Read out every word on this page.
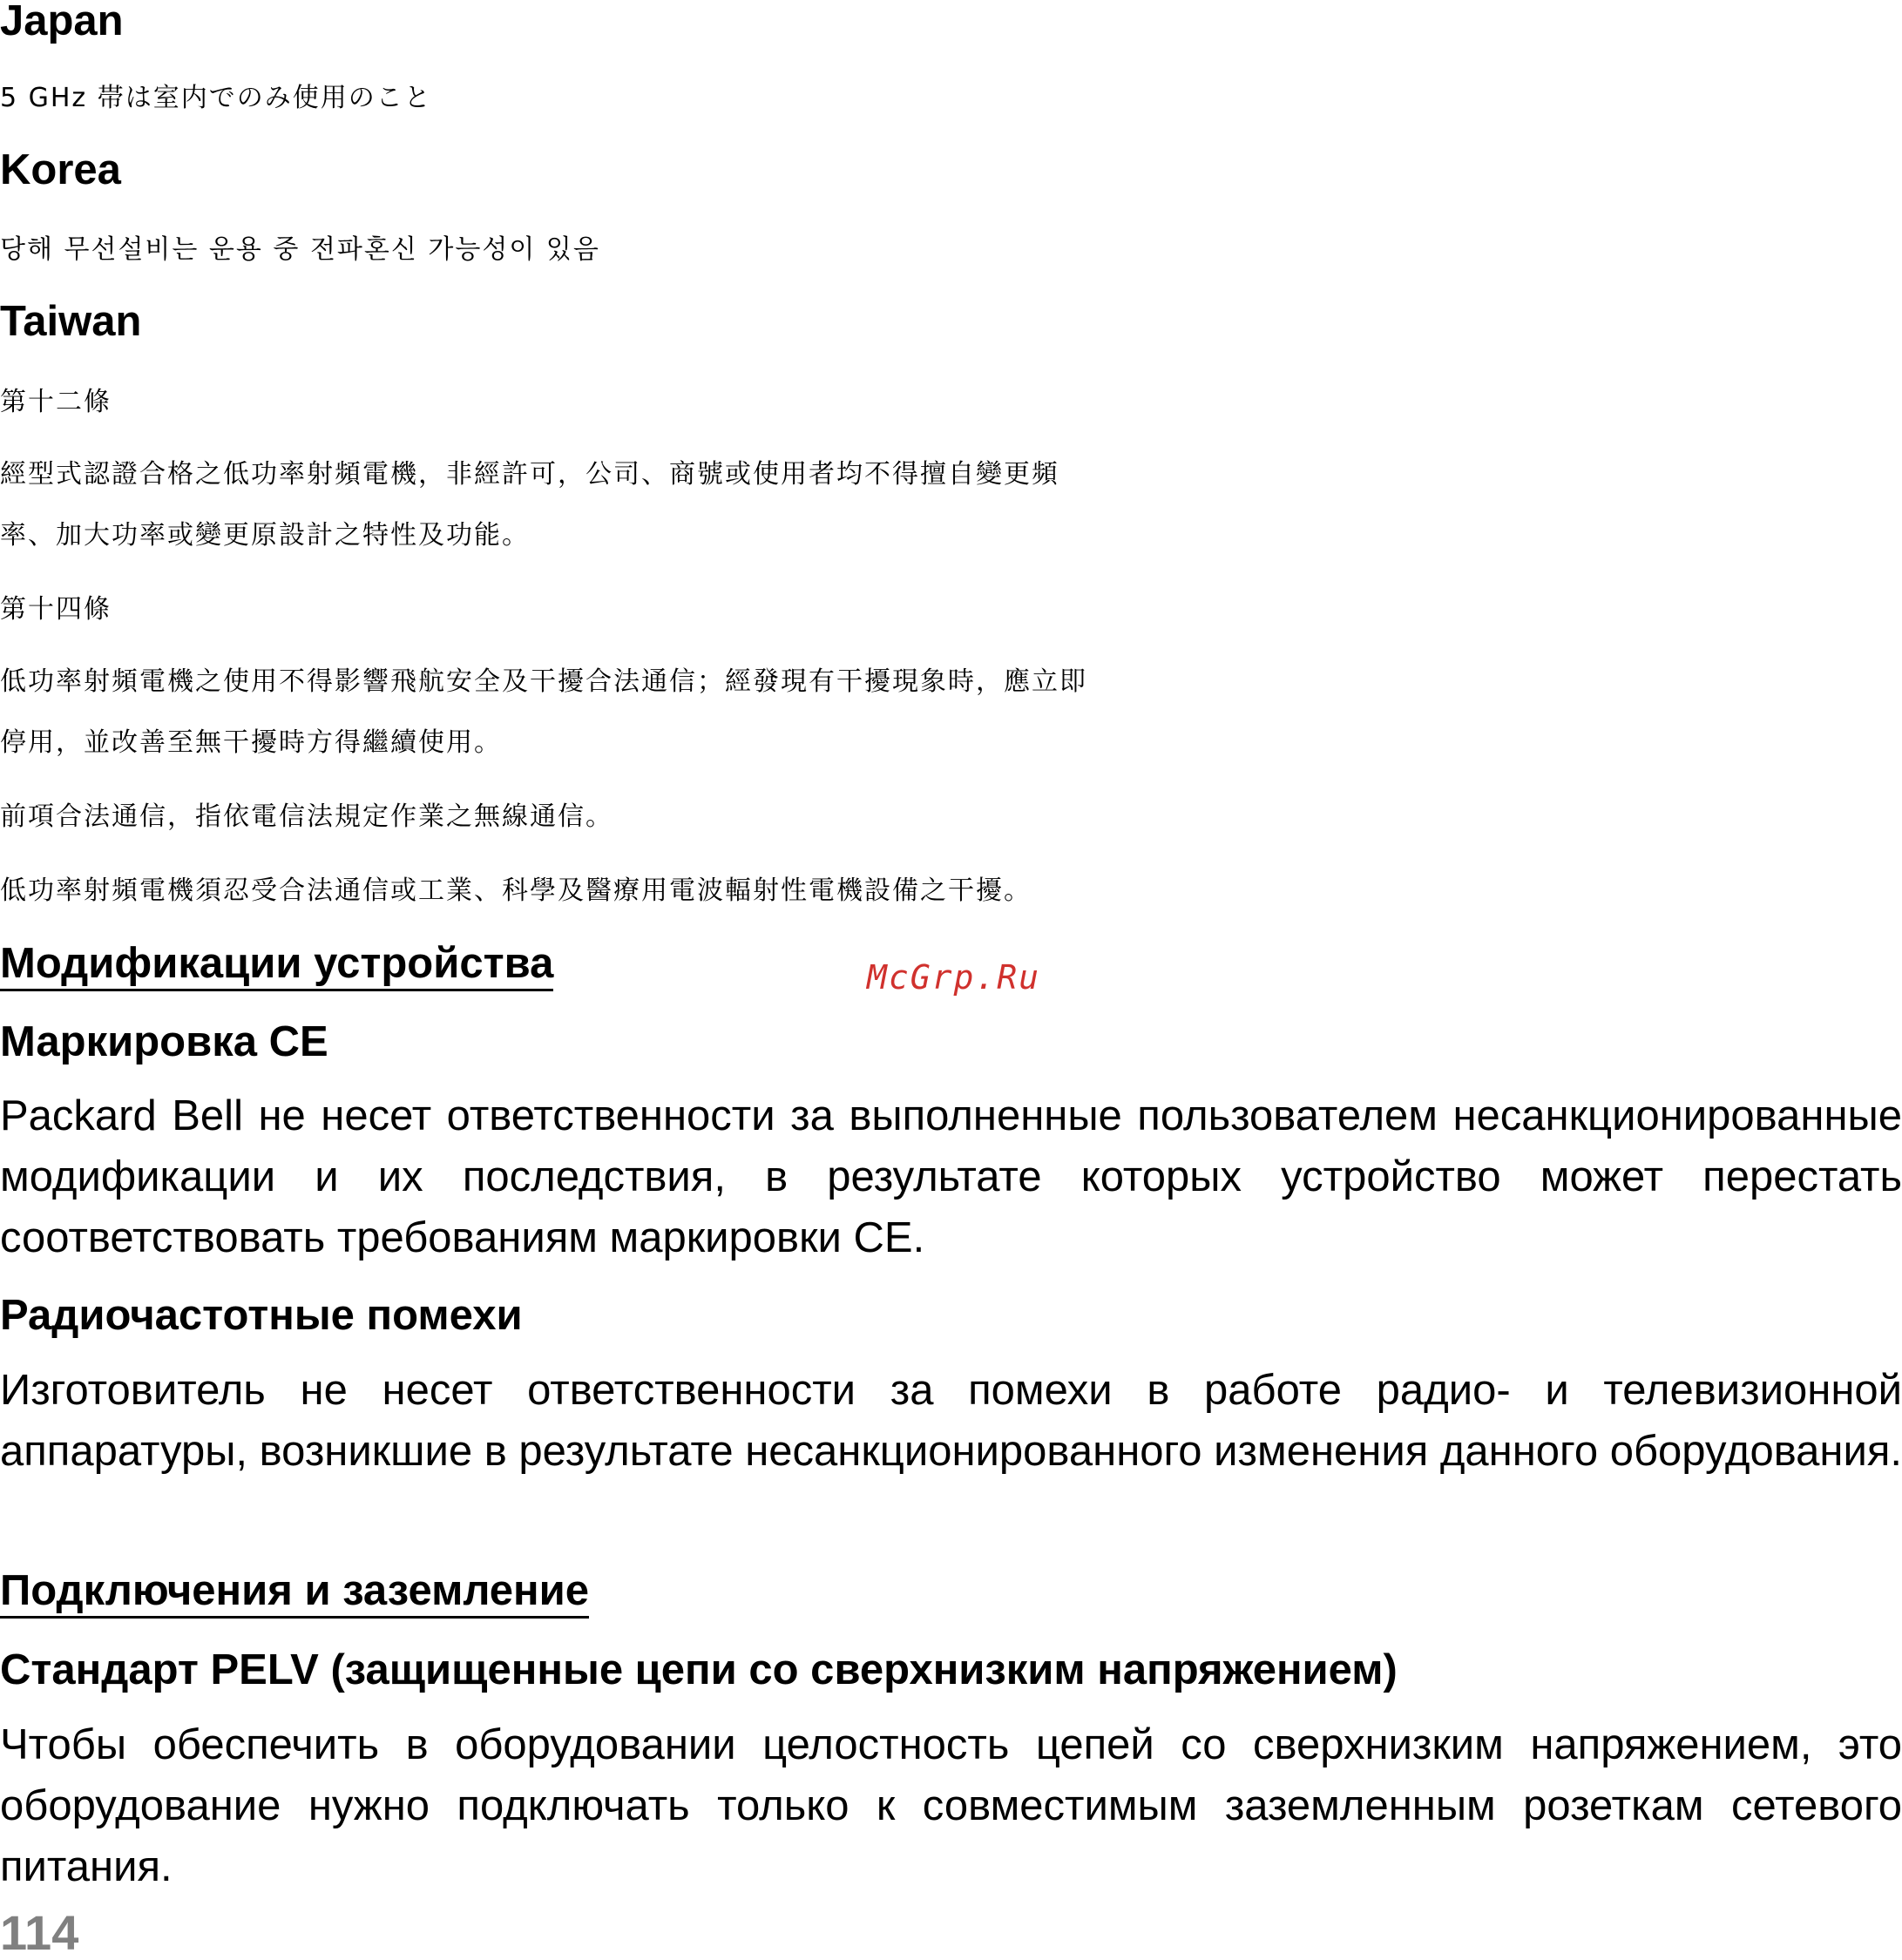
Japan
5 GHz 帯は室内でのみ使用のこと
Korea
당해 무선설비는 운용 중 전파혼신 가능성이 있음
Taiwan
第十二條
經型式認證合格之低功率射頻電機，非經許可，公司、商號或使用者均不得擅自變更頻
率、加大功率或變更原設計之特性及功能。
第十四條
低功率射頻電機之使用不得影響飛航安全及干擾合法通信；經發現有干擾現象時，應立即
停用，並改善至無干擾時方得繼續使用。
前項合法通信，指依電信法規定作業之無線通信。
低功率射頻電機須忍受合法通信或工業、科學及醫療用電波輻射性電機設備之干擾。
Модификации устройства	McGrp.Ru
Маркировка CE
Packard Bell не несет ответственности за выполненные пользователем несанкционированные модификации и их последствия, в результате которых устройство может перестать соответствовать требованиям маркировки CE.
Радиочастотные помехи
Изготовитель не несет ответственности за помехи в работе радио- и телевизионной аппаратуры, возникшие в результате несанкционированного изменения данного оборудования.
Подключения и заземление
Стандарт PELV (защищенные цепи со сверхнизким напряжением)
Чтобы обеспечить в оборудовании целостность цепей со сверхнизким напряжением, это оборудование нужно подключать только к совместимым заземленным розеткам сетевого питания.
114
